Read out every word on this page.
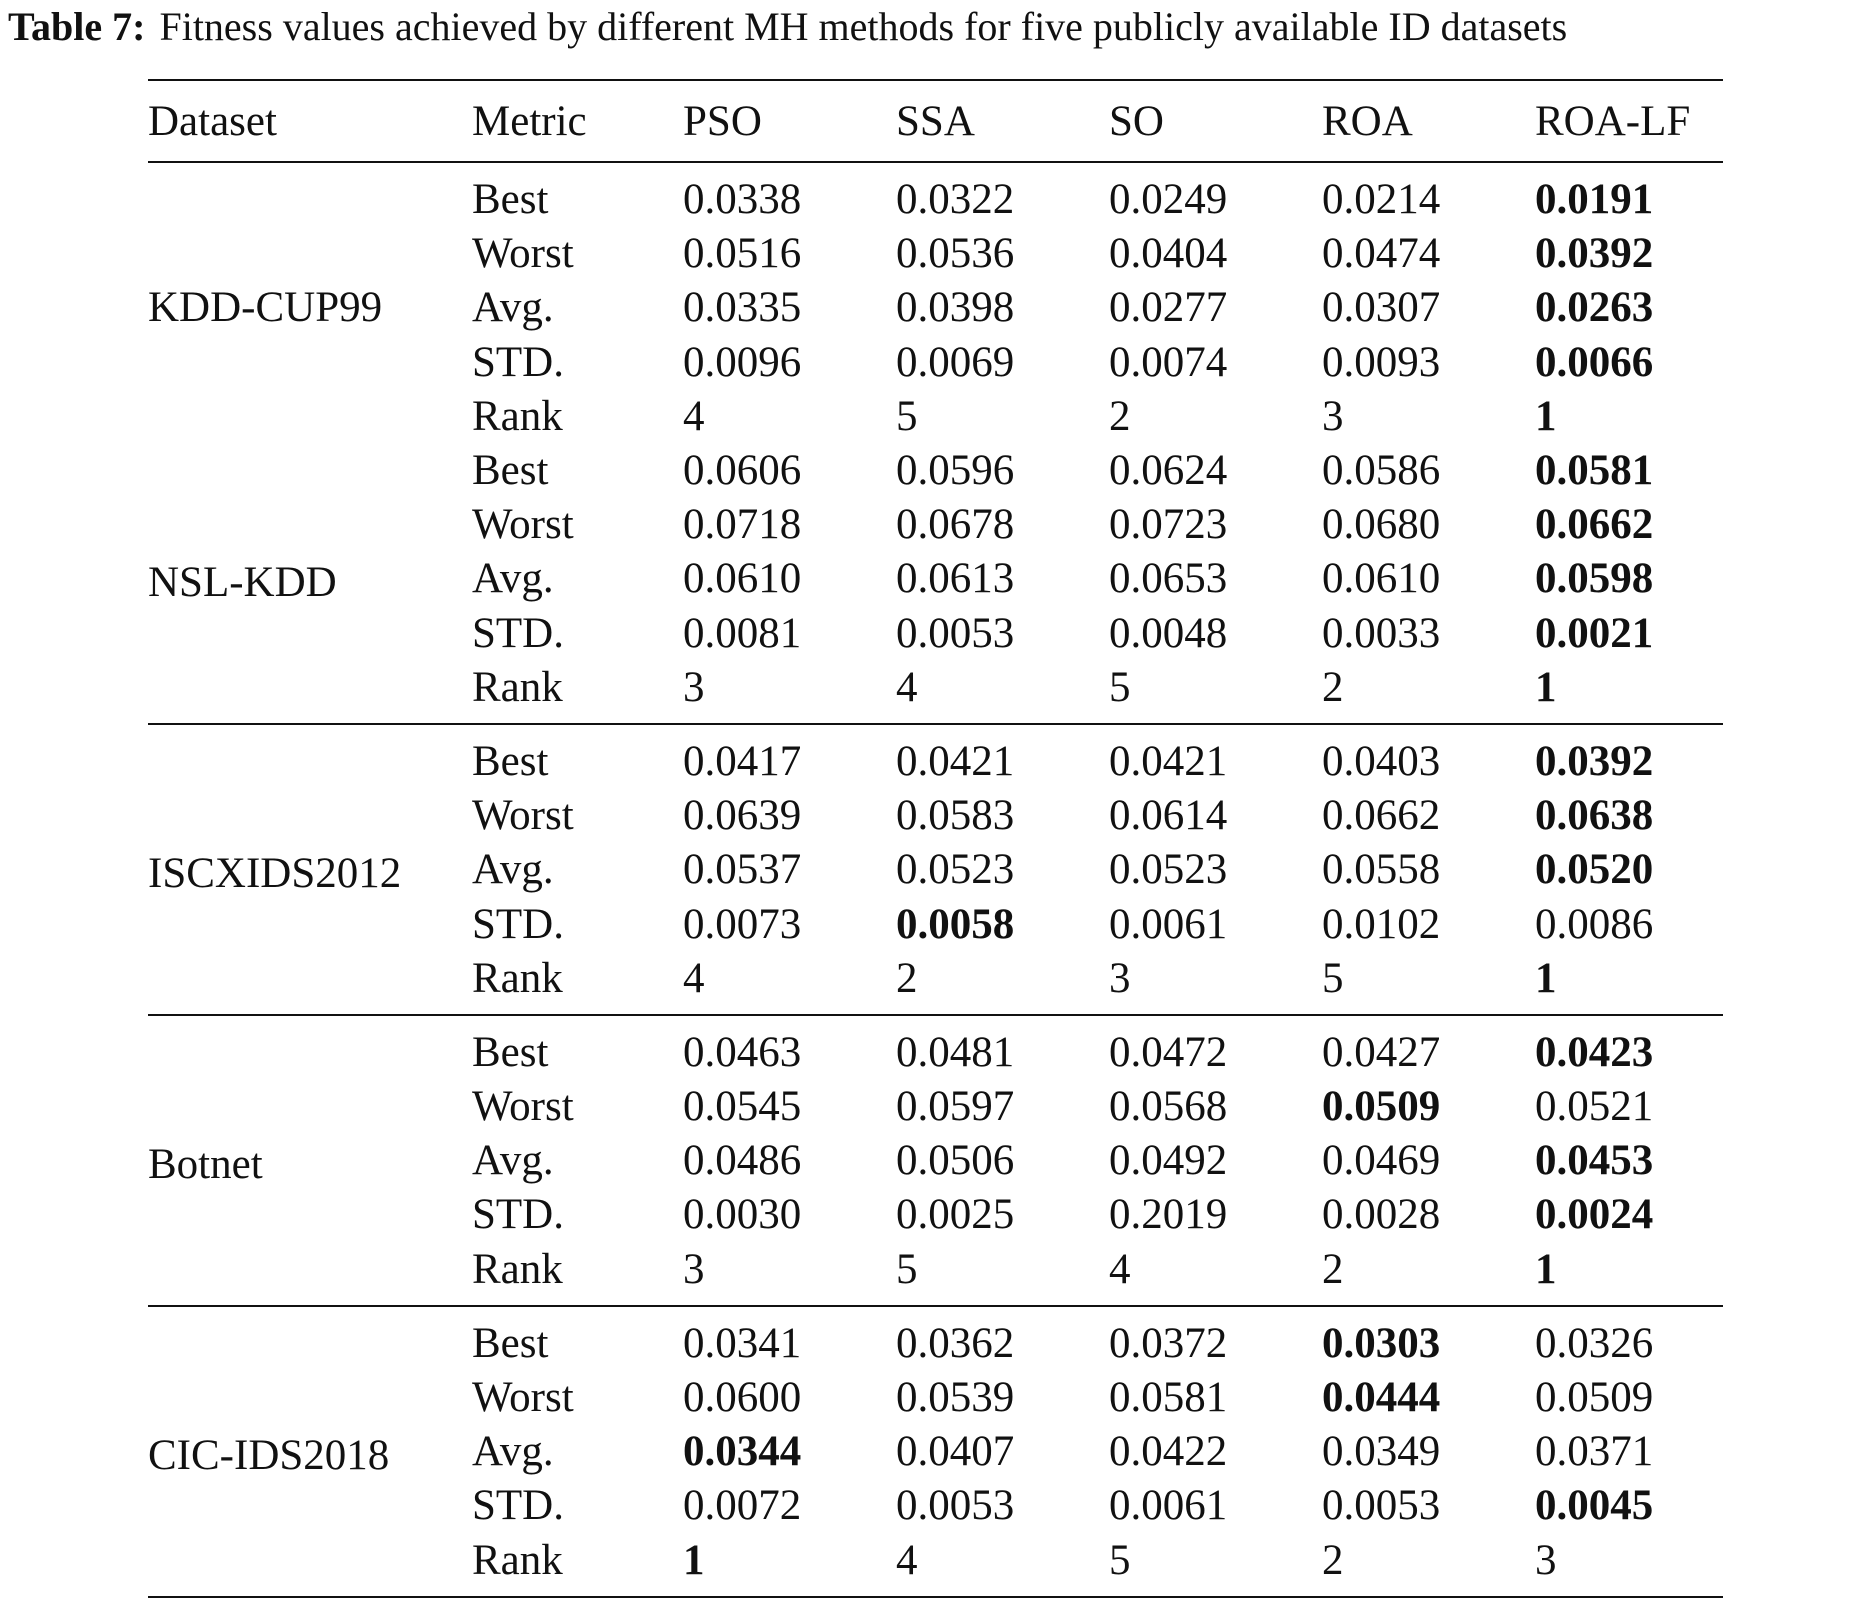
Table 7: Fitness values achieved by different MH methods for five publicly available ID datasets
Dataset	Metric	PSO	SSA	SO	ROA	ROA-LF
KDD-CUP99	Best	0.0338	0.0322	0.0249	0.0214	0.0191
	Worst	0.0516	0.0536	0.0404	0.0474	0.0392
	Avg.	0.0335	0.0398	0.0277	0.0307	0.0263
	STD.	0.0096	0.0069	0.0074	0.0093	0.0066
	Rank	4	5	2	3	1
NSL-KDD	Best	0.0606	0.0596	0.0624	0.0586	0.0581
	Worst	0.0718	0.0678	0.0723	0.0680	0.0662
	Avg.	0.0610	0.0613	0.0653	0.0610	0.0598
	STD.	0.0081	0.0053	0.0048	0.0033	0.0021
	Rank	3	4	5	2	1
ISCXIDS2012	Best	0.0417	0.0421	0.0421	0.0403	0.0392
	Worst	0.0639	0.0583	0.0614	0.0662	0.0638
	Avg.	0.0537	0.0523	0.0523	0.0558	0.0520
	STD.	0.0073	0.0058	0.0061	0.0102	0.0086
	Rank	4	2	3	5	1
Botnet	Best	0.0463	0.0481	0.0472	0.0427	0.0423
	Worst	0.0545	0.0597	0.0568	0.0509	0.0521
	Avg.	0.0486	0.0506	0.0492	0.0469	0.0453
	STD.	0.0030	0.0025	0.2019	0.0028	0.0024
	Rank	3	5	4	2	1
CIC-IDS2018	Best	0.0341	0.0362	0.0372	0.0303	0.0326
	Worst	0.0600	0.0539	0.0581	0.0444	0.0509
	Avg.	0.0344	0.0407	0.0422	0.0349	0.0371
	STD.	0.0072	0.0053	0.0061	0.0053	0.0045
	Rank	1	4	5	2	3
